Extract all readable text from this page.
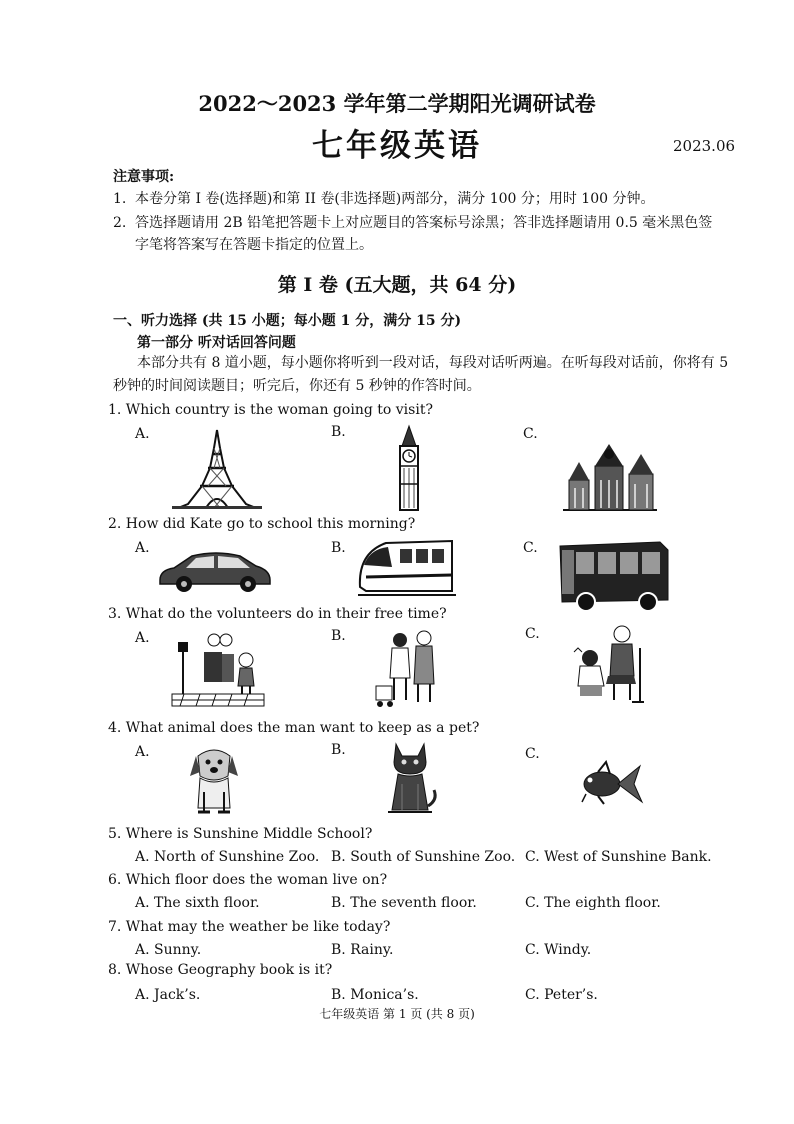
2022～2023 学年第二学期阳光调研试卷
七年级英语	2023.06
注意事项:
1. 本卷分第 I 卷(选择题)和第 II 卷(非选择题)两部分，满分 100 分；用时 100 分钟。
2. 答选择题请用 2B 铅笔把答题卡上对应题目的答案标号涂黑；答非选择题请用 0.5 毫米黑色签
字笔将答案写在答题卡指定的位置上。
第 I 卷 (五大题，共 64 分)
一、听力选择 (共 15 小题；每小题 1 分，满分 15 分)
第一部分 听对话回答问题
本部分共有 8 道小题，每小题你将听到一段对话，每段对话听两遍。在听每段对话前，你将有 5 秒钟的时间阅读题目；听完后，你还有 5 秒钟的作答时间。
1. Which country is the woman going to visit?
A.	B.	C.
2. How did Kate go to school this morning?
A.	B.	C.
3. What do the volunteers do in their free time?
A.	B.	C.
4. What animal does the man want to keep as a pet?
A.	B.	C.
5. Where is Sunshine Middle School?
A. North of Sunshine Zoo. B. South of Sunshine Zoo. C. West of Sunshine Bank.
6. Which floor does the woman live on?
A. The sixth floor.	B. The seventh floor.	C. The eighth floor.
7. What may the weather be like today?
A. Sunny.	B. Rainy.	C. Windy.
8. Whose Geography book is it?
A. Jack’s.	B. Monica’s.	C. Peter’s.
七年级英语 第 1 页 (共 8 页)
